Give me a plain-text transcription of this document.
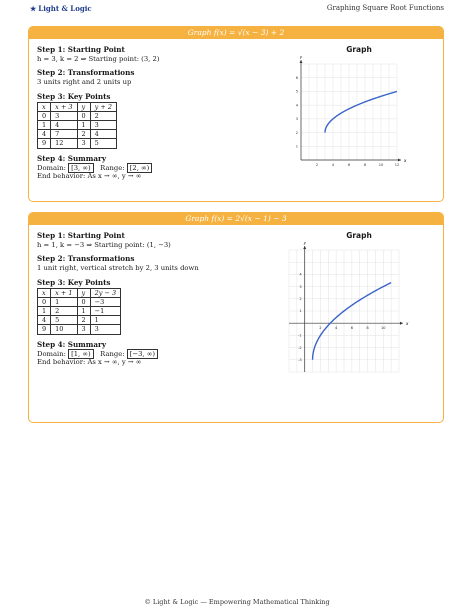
★ Light & Logic	Graphing Square Root Functions
Graph f(x) = √(x − 3) + 2
Step 1: Starting Point

h = 3, k = 2 ⇒ Starting point: (3, 2)

Step 2: Transformations

3 units right and 2 units up

Step 3: Key Points
x	x + 3	y	y + 2
0	3	0	2
1	4	1	3
4	7	2	4
9	12	3	5
Step 4: Summary

Domain: [3, ∞) Range: [2, ∞)

End behavior: As x → ∞, y → ∞

Graph
x
y
2	4	6	8	10	12
1
2
3
4
5
6
Graph f(x) = 2√(x − 1) − 3
Step 1: Starting Point

h = 1, k = −3 ⇒ Starting point: (1, −3)

Step 2: Transformations

1 unit right, vertical stretch by 2, 3 units down

Step 3: Key Points
x	x + 1	y	2y − 3
0	1	0	−3
1	2	1	−1
4	5	2	1
9	10	3	3
Step 4: Summary

Domain: [1, ∞) Range: [−3, ∞)

End behavior: As x → ∞, y → ∞

Graph
x
y
2	4	6	8	10
-3
-2
-1
1
2
3
4
© Light & Logic — Empowering Mathematical Thinking
